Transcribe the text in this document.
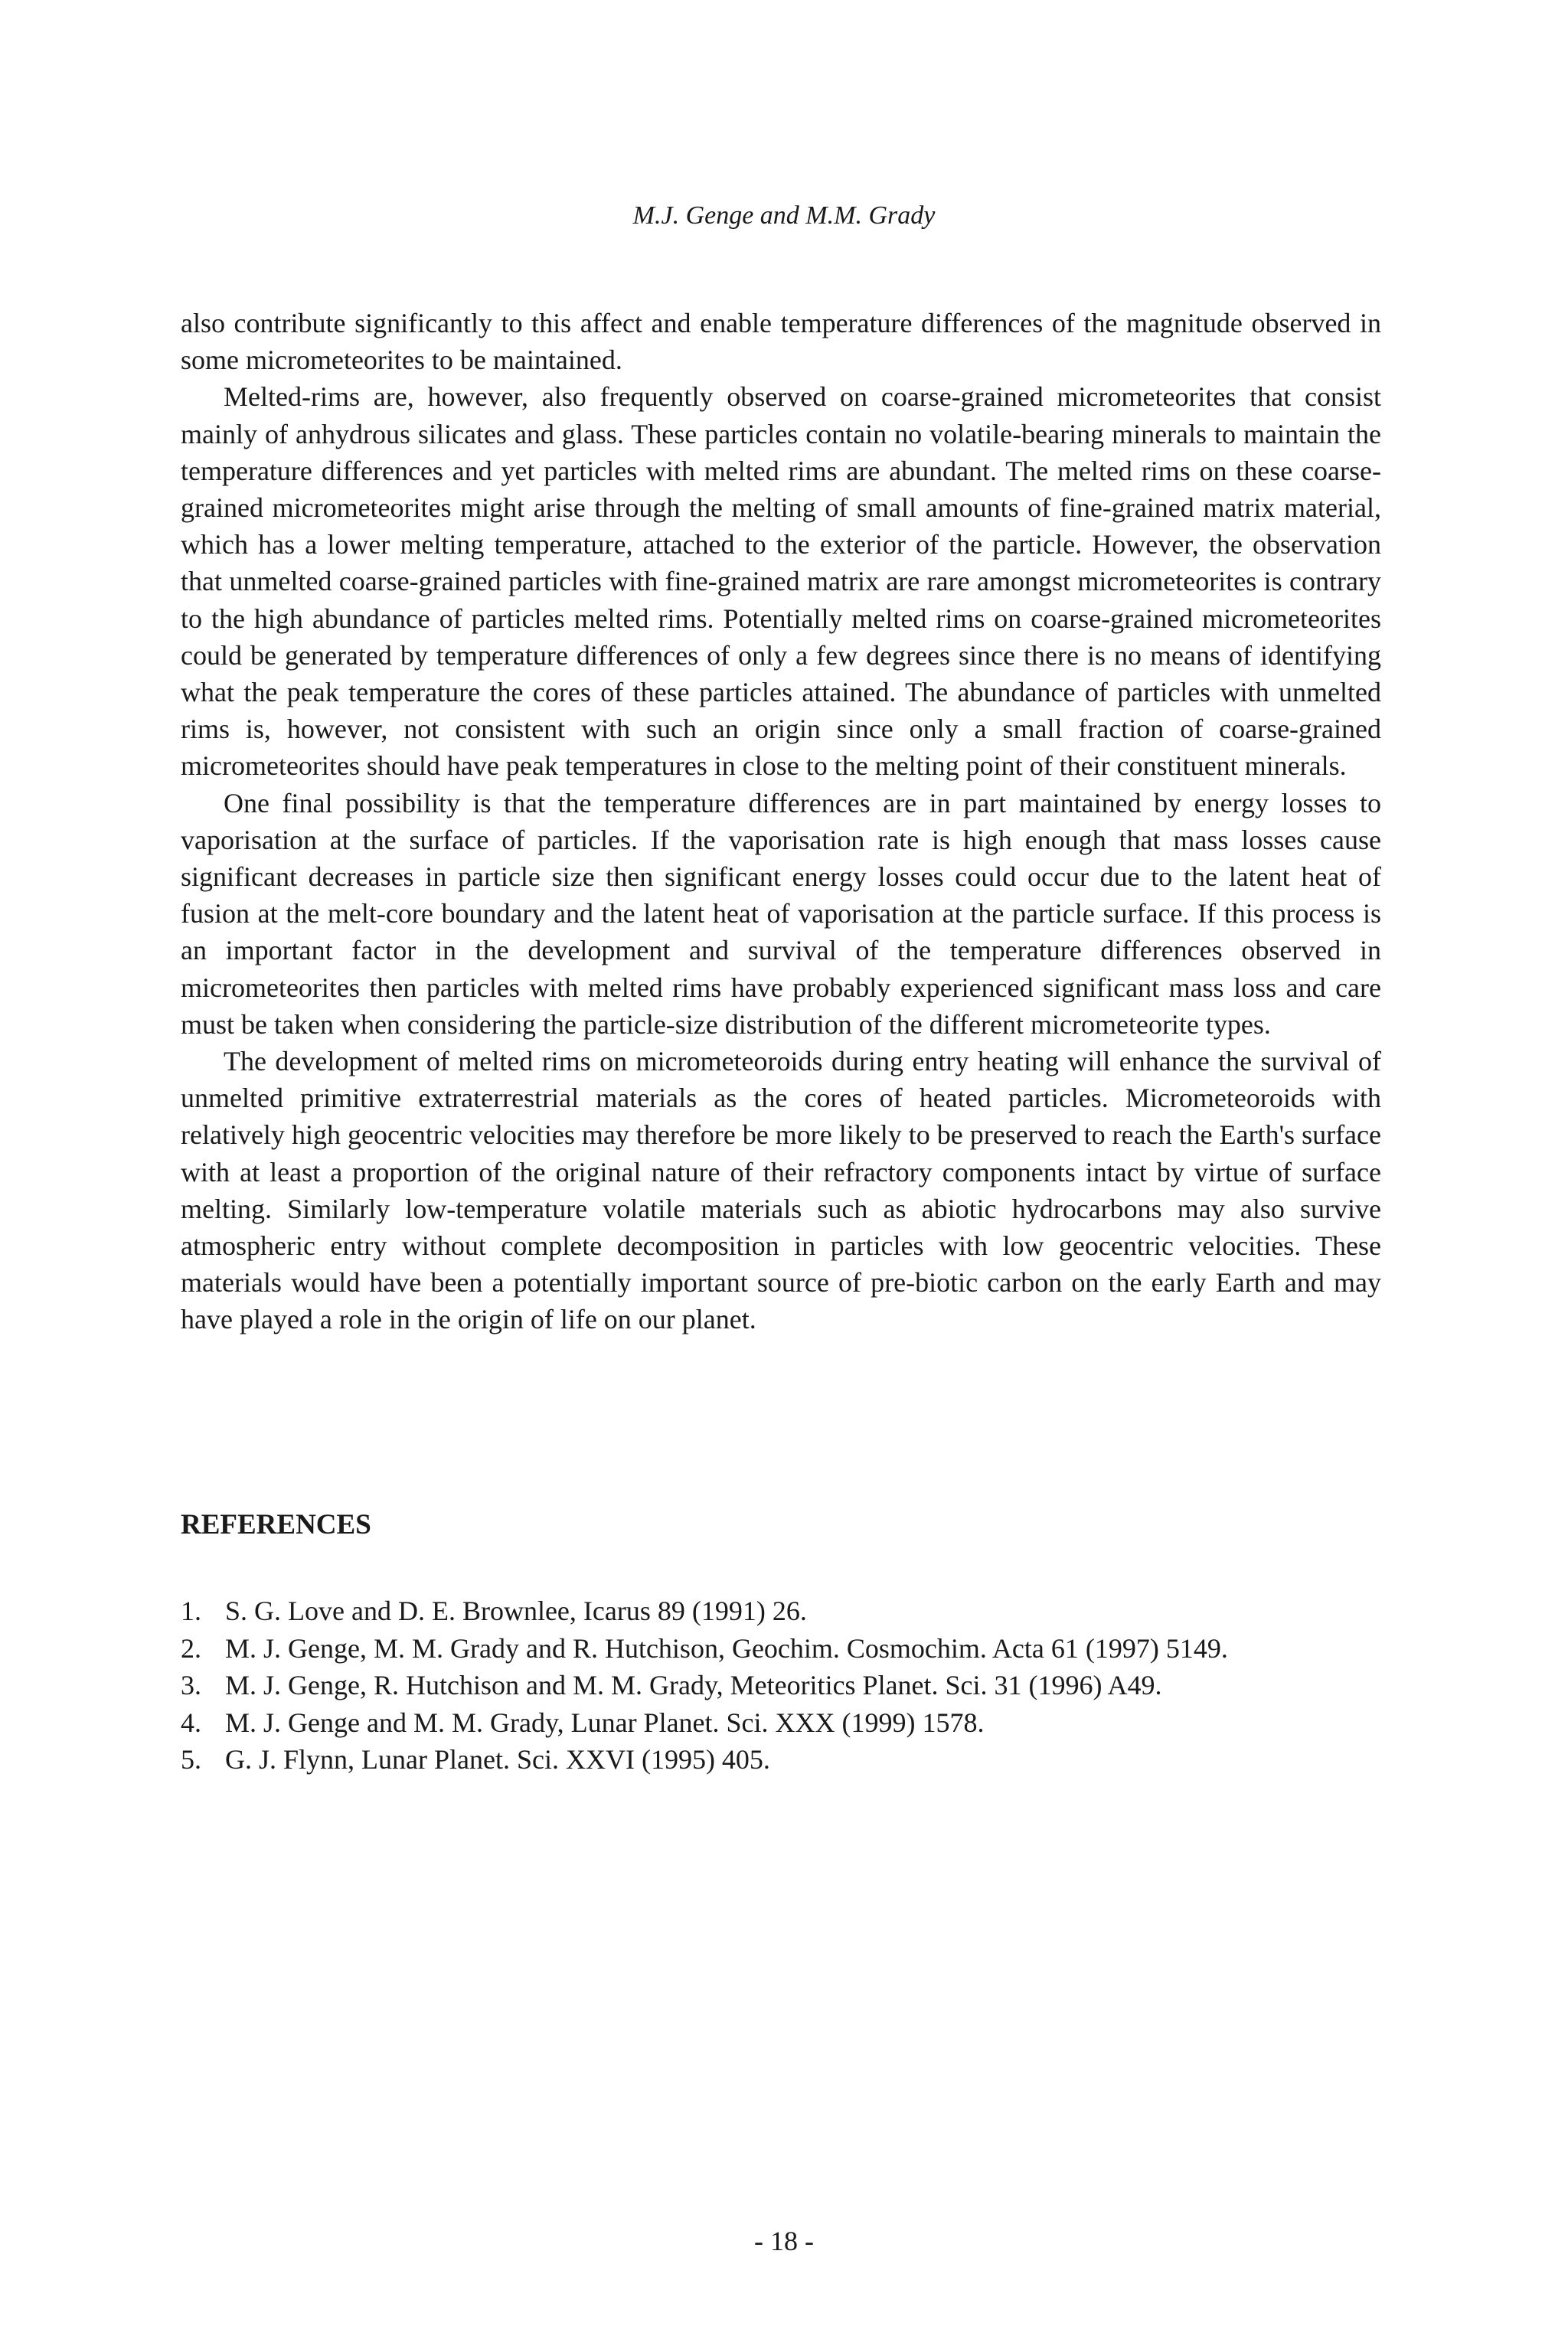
M.J. Genge and M.M. Grady

also contribute significantly to this affect and enable temperature differences of the magnitude observed in some micrometeorites to be maintained.

Melted-rims are, however, also frequently observed on coarse-grained micrometeorites that consist mainly of anhydrous silicates and glass. These particles contain no volatile-bearing minerals to maintain the temperature differences and yet particles with melted rims are abundant. The melted rims on these coarse-grained micrometeorites might arise through the melting of small amounts of fine-grained matrix material, which has a lower melting temperature, attached to the exterior of the particle. However, the observation that unmelted coarse-grained particles with fine-grained matrix are rare amongst micrometeorites is contrary to the high abundance of particles melted rims. Potentially melted rims on coarse-grained micrometeorites could be generated by temperature differences of only a few degrees since there is no means of identifying what the peak temperature the cores of these particles attained. The abundance of particles with unmelted rims is, however, not consistent with such an origin since only a small fraction of coarse-grained micrometeorites should have peak temperatures in close to the melting point of their constituent minerals.

One final possibility is that the temperature differences are in part maintained by energy losses to vaporisation at the surface of particles. If the vaporisation rate is high enough that mass losses cause significant decreases in particle size then significant energy losses could occur due to the latent heat of fusion at the melt-core boundary and the latent heat of vaporisation at the particle surface. If this process is an important factor in the development and survival of the temperature differences observed in micrometeorites then particles with melted rims have probably experienced significant mass loss and care must be taken when considering the particle-size distribution of the different micrometeorite types.

The development of melted rims on micrometeoroids during entry heating will enhance the survival of unmelted primitive extraterrestrial materials as the cores of heated particles. Micrometeoroids with relatively high geocentric velocities may therefore be more likely to be preserved to reach the Earth's surface with at least a proportion of the original nature of their refractory components intact by virtue of surface melting. Similarly low-temperature volatile materials such as abiotic hydrocarbons may also survive atmospheric entry without complete decomposition in particles with low geocentric velocities. These materials would have been a potentially important source of pre-biotic carbon on the early Earth and may have played a role in the origin of life on our planet.

REFERENCES
1. S. G. Love and D. E. Brownlee, Icarus 89 (1991) 26.
2. M. J. Genge, M. M. Grady and R. Hutchison, Geochim. Cosmochim. Acta 61 (1997) 5149.
3. M. J. Genge, R. Hutchison and M. M. Grady, Meteoritics Planet. Sci. 31 (1996) A49.
4. M. J. Genge and M. M. Grady, Lunar Planet. Sci. XXX (1999) 1578.
5. G. J. Flynn, Lunar Planet. Sci. XXVI (1995) 405.
- 18 -
